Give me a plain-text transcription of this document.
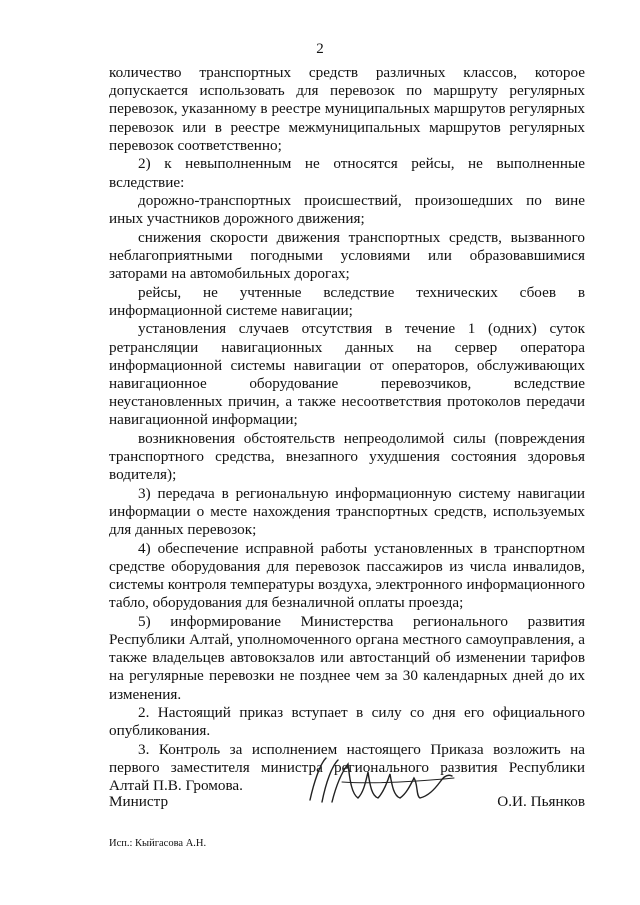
2

количество транспортных средств различных классов, которое допускается использовать для перевозок по маршруту регулярных перевозок, указанному в реестре муниципальных маршрутов регулярных перевозок или в реестре межмуниципальных маршрутов регулярных перевозок соответственно;

2) к невыполненным не относятся рейсы, не выполненные вследствие:

дорожно-транспортных происшествий, произошедших по вине иных участников дорожного движения;

снижения скорости движения транспортных средств, вызванного неблагоприятными погодными условиями или образовавшимися заторами на автомобильных дорогах;

рейсы, не учтенные вследствие технических сбоев в информационной системе навигации;

установления случаев отсутствия в течение 1 (одних) суток ретрансляции навигационных данных на сервер оператора информационной системы навигации от операторов, обслуживающих навигационное оборудование перевозчиков, вследствие неустановленных причин, а также несоответствия протоколов передачи навигационной информации;

возникновения обстоятельств непреодолимой силы (повреждения транспортного средства, внезапного ухудшения состояния здоровья водителя);

3) передача в региональную информационную систему навигации информации о месте нахождения транспортных средств, используемых для данных перевозок;

4) обеспечение исправной работы установленных в транспортном средстве оборудования для перевозок пассажиров из числа инвалидов, системы контроля температуры воздуха, электронного информационного табло, оборудования для безналичной оплаты проезда;

5) информирование Министерства регионального развития Республики Алтай, уполномоченного органа местного самоуправления, а также владельцев автовокзалов или автостанций об изменении тарифов на регулярные перевозки не позднее чем за 30 календарных дней до их изменения.

2. Настоящий приказ вступает в силу со дня его официального опубликования.

3. Контроль за исполнением настоящего Приказа возложить на первого заместителя министра регионального развития Республики Алтай П.В. Громова.

Министр	О.И. Пьянков
Исп.: Кыйгасова А.Н.
